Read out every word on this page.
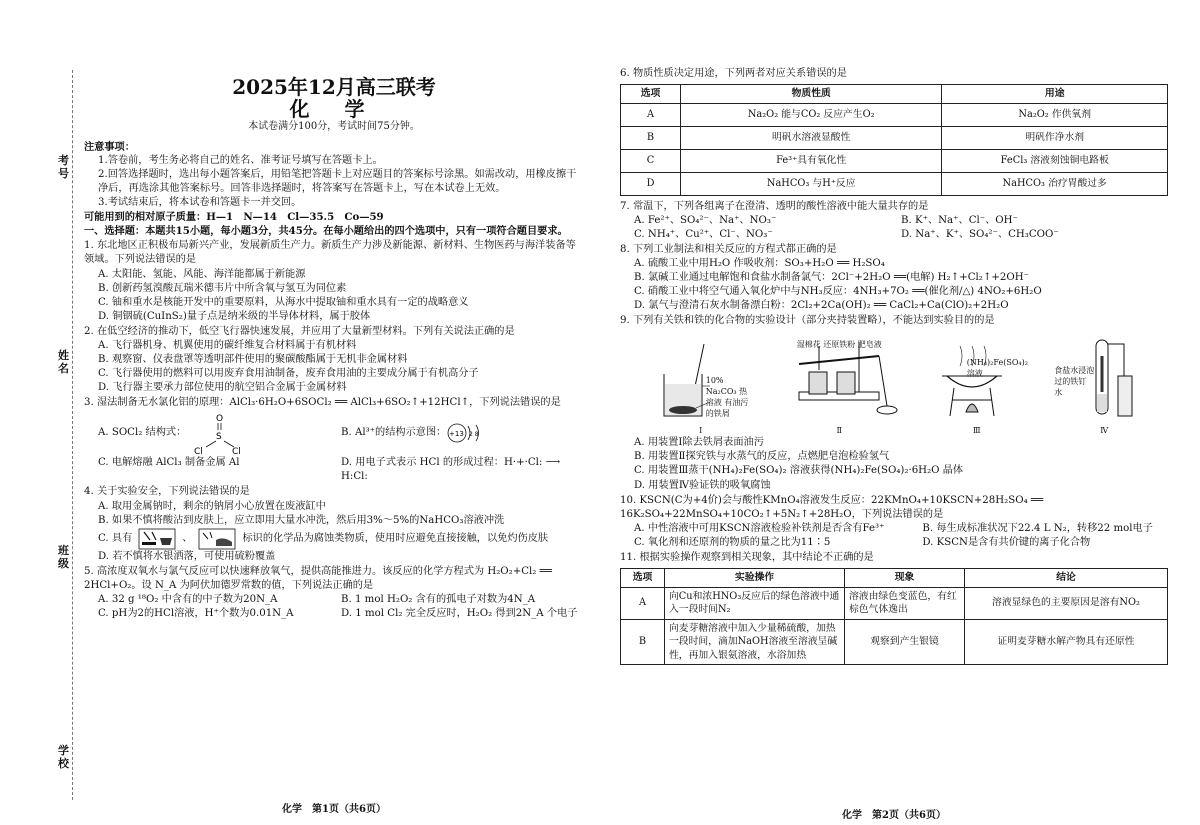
考号
姓名
班级
学校
2025年12月高三联考
化 学
本试卷满分100分，考试时间75分钟。
注意事项：
1.答卷前，考生务必将自己的姓名、准考证号填写在答题卡上。
2.回答选择题时，选出每小题答案后，用铅笔把答题卡上对应题目的答案标号涂黑。如需改动，用橡皮擦干净后，再选涂其他答案标号。回答非选择题时，将答案写在答题卡上，写在本试卷上无效。
3.考试结束后，将本试卷和答题卡一并交回。
可能用到的相对原子质量：H—1　N—14　Cl—35.5　Co—59
一、选择题：本题共15小题，每小题3分，共45分。在每小题给出的四个选项中，只有一项符合题目要求。
1. 东北地区正积极布局新兴产业，发展新质生产力。新质生产力涉及新能源、新材料、生物医药与海洋装备等领域。下列说法错误的是
A. 太阳能、氢能、风能、海洋能都属于新能源
B. 创新药氢溴酸瓦瑞米德韦片中所含氧与氢互为同位素
C. 铀和重水是核能开发中的重要原料，从海水中提取铀和重水具有一定的战略意义
D. 铜铟硫(CuInS₂)量子点是纳米级的半导体材料，属于胶体
2. 在低空经济的推动下，低空飞行器快速发展，并应用了大量新型材料。下列有关说法正确的是
A. 飞行器机身、机翼使用的碳纤维复合材料属于有机材料
B. 观察窗、仪表盘罩等透明部件使用的聚碳酸酯属于无机非金属材料
C. 飞行器使用的燃料可以用废弃食用油制备，废弃食用油的主要成分属于有机高分子
D. 飞行器主要承力部位使用的航空铝合金属于金属材料
3. 湿法制备无水氯化铝的原理：AlCl₃·6H₂O+6SOCl₂ ══ AlCl₃+6SO₂↑+12HCl↑，下列说法错误的是
A. SOCl₂ 结构式：
O
S
Cl	Cl
B. Al³⁺的结构示意图： +13 2 8
C. 电解熔融 AlCl₃ 制备金属 Al	D. 用电子式表示 HCl 的形成过程：H·+·Cl: ⟶ H:Cl:
4. 关于实验安全，下列说法错误的是
A. 取用金属钠时，剩余的钠屑小心放置在废液缸中
B. 如果不慎将酸沾到皮肤上，应立即用大量水冲洗，然后用3%～5%的NaHCO₃溶液冲洗
C. 具有	、	标识的化学品为腐蚀类物质，使用时应避免直接接触，以免灼伤皮肤
D. 若不慎将水银洒落，可使用硫粉覆盖
5. 高浓度双氧水与氯气反应可以快速释放氧气，提供高能推进力。该反应的化学方程式为 H₂O₂+Cl₂ ══ 2HCl+O₂。设 N_A 为阿伏加德罗常数的值，下列说法正确的是
A. 32 g ¹⁸O₂ 中含有的中子数为20N_A	B. 1 mol H₂O₂ 含有的孤电子对数为4N_A
C. pH为2的HCl溶液，H⁺个数为0.01N_A	D. 1 mol Cl₂ 完全反应时，H₂O₂ 得到2N_A 个电子
化学　第1页（共6页）
6. 物质性质决定用途，下列两者对应关系错误的是
选项	物质性质	用途
A	Na₂O₂ 能与CO₂ 反应产生O₂	Na₂O₂ 作供氧剂
B	明矾水溶液显酸性	明矾作净水剂
C	Fe³⁺具有氧化性	FeCl₃ 溶液刻蚀铜电路板
D	NaHCO₃ 与H⁺反应	NaHCO₃ 治疗胃酸过多
7. 常温下，下列各组离子在澄清、透明的酸性溶液中能大量共存的是
A. Fe²⁺、SO₄²⁻、Na⁺、NO₃⁻	B. K⁺、Na⁺、Cl⁻、OH⁻
C. NH₄⁺、Cu²⁺、Cl⁻、NO₃⁻	D. Na⁺、K⁺、SO₄²⁻、CH₃COO⁻
8. 下列工业制法和相关反应的方程式都正确的是
A. 硫酸工业中用H₂O 作吸收剂：SO₃+H₂O ══ H₂SO₄
B. 氯碱工业通过电解饱和食盐水制备氯气：2Cl⁻+2H₂O ══(电解) H₂↑+Cl₂↑+2OH⁻
C. 硝酸工业中将空气通入氧化炉中与NH₃反应：4NH₃+7O₂ ══(催化剂/△) 4NO₂+6H₂O
D. 氯气与澄清石灰水制备漂白粉：2Cl₂+2Ca(OH)₂ ══ CaCl₂+Ca(ClO)₂+2H₂O
9. 下列有关铁和铁的化合物的实验设计（部分夹持装置略），不能达到实验目的的是
10% Na₂CO₃ 热溶液 有油污的铁屑
Ⅰ
湿棉花 还原铁粉 肥皂液
Ⅱ
(NH₄)₂Fe(SO₄)₂ 溶液
Ⅲ
食盐水浸泡过的铁钉 水
Ⅳ
A. 用装置Ⅰ除去铁屑表面油污
B. 用装置Ⅱ探究铁与水蒸气的反应，点燃肥皂泡检验氢气
C. 用装置Ⅲ蒸干(NH₄)₂Fe(SO₄)₂ 溶液获得(NH₄)₂Fe(SO₄)₂·6H₂O 晶体
D. 用装置Ⅳ验证铁的吸氧腐蚀
10. KSCN(C为+4价)会与酸性KMnO₄溶液发生反应：22KMnO₄+10KSCN+28H₂SO₄ ══ 16K₂SO₄+22MnSO₄+10CO₂↑+5N₂↑+28H₂O，下列说法错误的是
A. 中性溶液中可用KSCN溶液检验补铁剂是否含有Fe³⁺	B. 每生成标准状况下22.4 L N₂，转移22 mol电子
C. 氧化剂和还原剂的物质的量之比为11∶5	D. KSCN是含有共价键的离子化合物
11. 根据实验操作观察到相关现象，其中结论不正确的是
选项	实验操作	现象	结论
A	向Cu和浓HNO₃反应后的绿色溶液中通入一段时间N₂	溶液由绿色变蓝色，有红棕色气体逸出	溶液显绿色的主要原因是溶有NO₂
B	向麦芽糖溶液中加入少量稀硫酸，加热一段时间，滴加NaOH溶液至溶液呈碱性，再加入银氨溶液，水浴加热	观察到产生银镜	证明麦芽糖水解产物具有还原性
化学　第2页（共6页）
